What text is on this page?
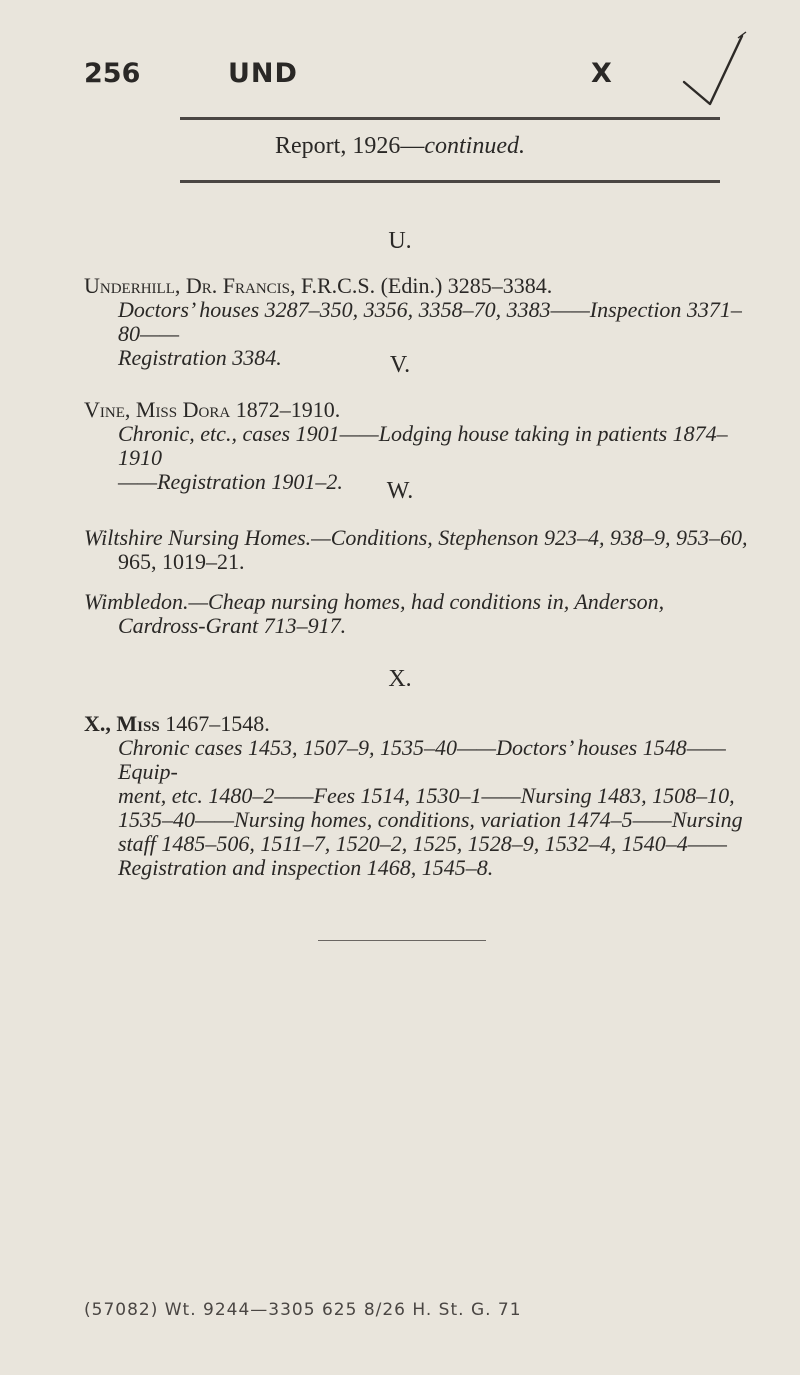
256	UND	X
Report, 1926—continued.
U.
Underhill, Dr. Francis, F.R.C.S. (Edin.) 3285–3384.
Doctors’ houses 3287–350, 3356, 3358–70, 3383——Inspection 3371–80——
Registration 3384.	V.
Vine, Miss Dora 1872–1910.
Chronic, etc., cases 1901——Lodging house taking in patients 1874–1910
——Registration 1901–2.	W.
Wiltshire Nursing Homes.—Conditions, Stephenson 923–4, 938–9, 953–60,
965, 1019–21.
Wimbledon.—Cheap nursing homes, had conditions in, Anderson,
Cardross-Grant 713–917.
X.
X., Miss 1467–1548.
Chronic cases 1453, 1507–9, 1535–40——Doctors’ houses 1548——Equip-
ment, etc. 1480–2——Fees 1514, 1530–1——Nursing 1483, 1508–10,
1535–40——Nursing homes, conditions, variation 1474–5——Nursing
staff 1485–506, 1511–7, 1520–2, 1525, 1528–9, 1532–4, 1540–4——
Registration and inspection 1468, 1545–8.
(57082) Wt. 9244—3305 625 8/26 H. St. G. 71
